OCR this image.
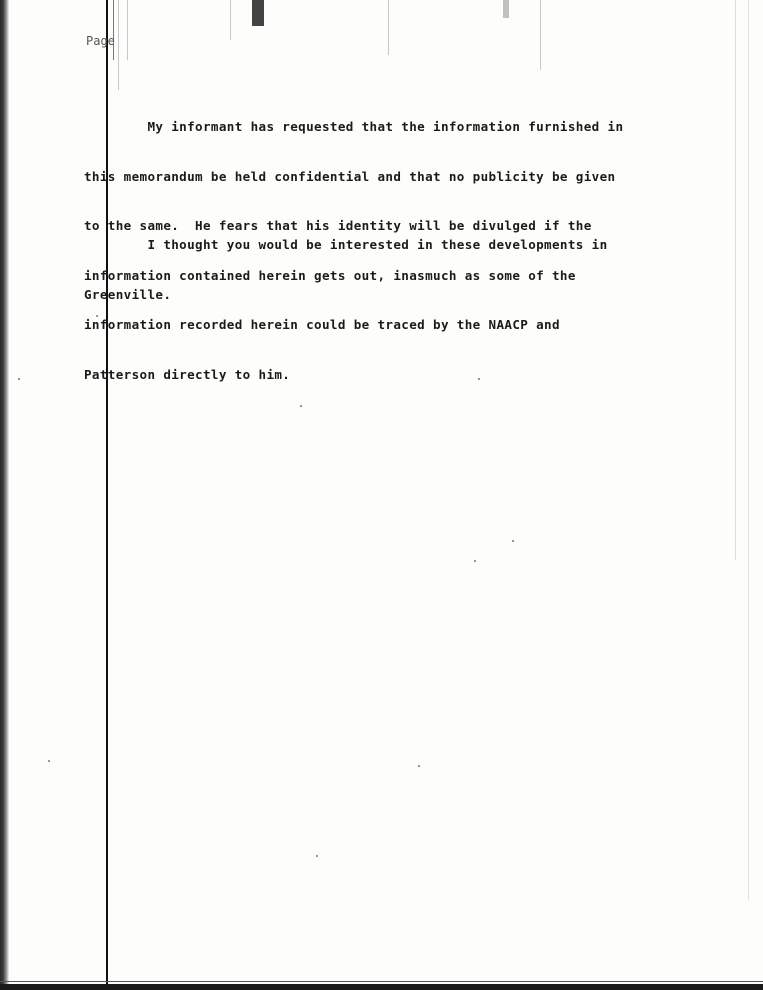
Page

My informant has requested that the information furnished in

this memorandum be held confidential and that no publicity be given

to the same.  He fears that his identity will be divulged if the

information contained herein gets out, inasmuch as some of the

information recorded herein could be traced by the NAACP and

Patterson directly to him.

I thought you would be interested in these developments in

Greenville.
